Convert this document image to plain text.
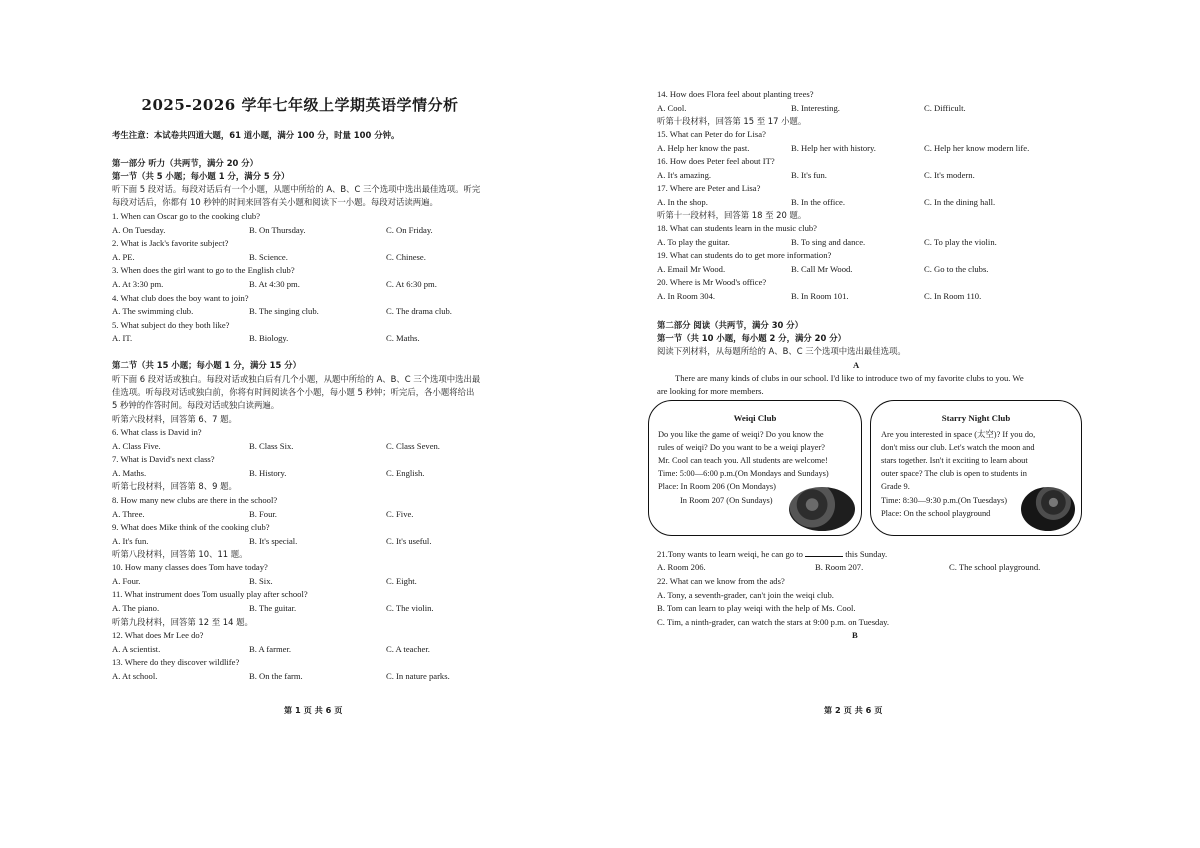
2025-2026 学年七年级上学期英语学情分析
考生注意：本试卷共四道大题，61 道小题，满分 100 分，时量 100 分钟。
第一部分 听力（共两节，满分 20 分）
第一节（共 5 小题；每小题 1 分，满分 5 分）
听下面 5 段对话。每段对话后有一个小题，从题中所给的 A、B、C 三个选项中选出最佳选项。听完
每段对话后，你都有 10 秒钟的时间来回答有关小题和阅读下一小题。每段对话读两遍。
1. When can Oscar go to the cooking club?
A. On Tuesday.	B. On Thursday.	C. On Friday.
2. What is Jack's favorite subject?
A. PE.	B. Science.	C. Chinese.
3. When does the girl want to go to the English club?
A. At 3:30 pm.	B. At 4:30 pm.	C. At 6:30 pm.
4. What club does the boy want to join?
A. The swimming club.	B. The singing club.	C. The drama club.
5. What subject do they both like?
A. IT.	B. Biology.	C. Maths.
第二节（共 15 小题；每小题 1 分，满分 15 分）
听下面 6 段对话或独白。每段对话或独白后有几个小题，从题中所给的 A、B、C 三个选项中选出最
佳选项。听每段对话或独白前，你将有时间阅读各个小题，每小题 5 秒钟；听完后，各小题将给出
5 秒钟的作答时间。每段对话或独白读两遍。
听第六段材料，回答第 6、7 题。
6. What class is David in?
A. Class Five.	B. Class Six.	C. Class Seven.
7. What is David's next class?
A. Maths.	B. History.	C. English.
听第七段材料，回答第 8、9 题。
8. How many new clubs are there in the school?
A. Three.	B. Four.	C. Five.
9. What does Mike think of the cooking club?
A. It's fun.	B. It's special.	C. It's useful.
听第八段材料，回答第 10、11 题。
10. How many classes does Tom have today?
A. Four.	B. Six.	C. Eight.
11. What instrument does Tom usually play after school?
A. The piano.	B. The guitar.	C. The violin.
听第九段材料，回答第 12 至 14 题。
12. What does Mr Lee do?
A. A scientist.	B. A farmer.	C. A teacher.
13. Where do they discover wildlife?
A. At school.	B. On the farm.	C. In nature parks.
第 1 页 共 6 页
14. How does Flora feel about planting trees?
A. Cool.	B. Interesting.	C. Difficult.
听第十段材料，回答第 15 至 17 小题。
15. What can Peter do for Lisa?
A. Help her know the past.	B. Help her with history.	C. Help her know modern life.
16. How does Peter feel about IT?
A. It's amazing.	B. It's fun.	C. It's modern.
17. Where are Peter and Lisa?
A. In the shop.	B. In the office.	C. In the dining hall.
听第十一段材料，回答第 18 至 20 题。
18. What can students learn in the music club?
A. To play the guitar.	B. To sing and dance.	C. To play the violin.
19. What can students do to get more information?
A. Email Mr Wood.	B. Call Mr Wood.	C. Go to the clubs.
20. Where is Mr Wood's office?
A. In Room 304.	B. In Room 101.	C. In Room 110.
第二部分 阅读（共两节，满分 30 分）
第一节（共 10 小题，每小题 2 分，满分 20 分）
阅读下列材料，从每题所给的 A、B、C 三个选项中选出最佳选项。
A
There are many kinds of clubs in our school. I'd like to introduce two of my favorite clubs to you. We
are looking for more members.
Weiqi Club
Do you like the game of weiqi? Do you know the
rules of weiqi? Do you want to be a weiqi player?
Mr. Cool can teach you. All students are welcome!
Time: 5:00—6:00 p.m.(On Mondays and Sundays)
Place: In Room 206 (On Mondays)
In Room 207 (On Sundays)
Starry Night Club
Are you interested in space (太空)? If you do,
don't miss our club. Let's watch the moon and
stars together. Isn't it exciting to learn about
outer space? The club is open to students in
Grade 9.
Time: 8:30—9:30 p.m.(On Tuesdays)
Place: On the school playground
21.Tony wants to learn weiqi, he can go to	this Sunday.
A. Room 206.	B. Room 207.	C. The school playground.
22. What can we know from the ads?
A. Tony, a seventh-grader, can't join the weiqi club.
B. Tom can learn to play weiqi with the help of Ms. Cool.
C. Tim, a ninth-grader, can watch the stars at 9:00 p.m. on Tuesday.
B
第 2 页 共 6 页
